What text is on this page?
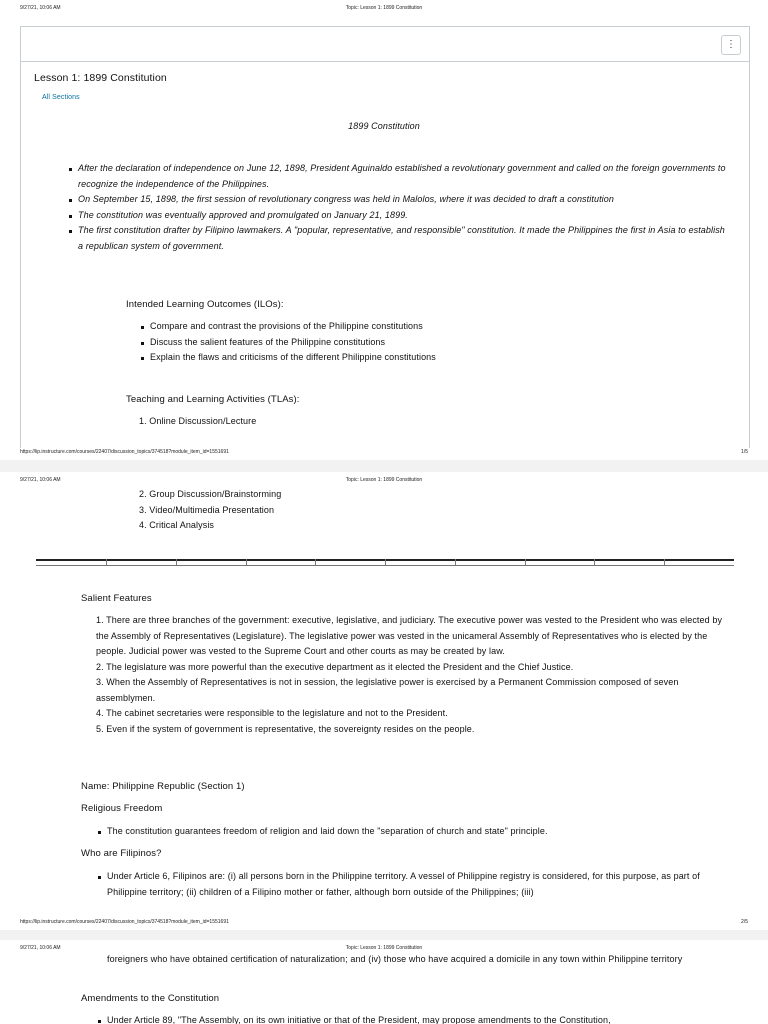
9/27/21, 10:06 AM	Topic: Lesson 1: 1899 Constitution
⋮
Lesson 1: 1899 Constitution
All Sections
1899 Constitution
After the declaration of independence on June 12, 1898, President Aguinaldo established a revolutionary government and called on the foreign governments to recognize the independence of the Philippines.
On September 15, 1898, the first session of revolutionary congress was held in Malolos, where it was decided to draft a constitution
The constitution was eventually approved and promulgated on January 21, 1899.
The first constitution drafter by Filipino lawmakers. A "popular, representative, and responsible" constitution. It made the Philippines the first in Asia to establish a republican system of government.
Intended Learning Outcomes (ILOs):
Compare and contrast the provisions of the Philippine constitutions
Discuss the salient features of the Philippine constitutions
Explain the flaws and criticisms of the different Philippine constitutions
Teaching and Learning Activities (TLAs):
1. Online Discussion/Lecture
https://lip.instructure.com/courses/22407/discussion_topics/374518?module_item_id=1551691	1/5
9/27/21, 10:06 AM	Topic: Lesson 1: 1899 Constitution
2. Group Discussion/Brainstorming
3. Video/Multimedia Presentation
4. Critical Analysis
Salient Features
1. There are three branches of the government: executive, legislative, and judiciary. The executive power was vested to the President who was elected by the Assembly of Representatives (Legislature). The legislative power was vested in the unicameral Assembly of Representatives who is elected by the people. Judicial power was vested to the Supreme Court and other courts as may be created by law.
2. The legislature was more powerful than the executive department as it elected the President and the Chief Justice.
3. When the Assembly of Representatives is not in session, the legislative power is exercised by a Permanent Commission composed of seven assemblymen.
4. The cabinet secretaries were responsible to the legislature and not to the President.
5. Even if the system of government is representative, the sovereignty resides on the people.
Name: Philippine Republic (Section 1)
Religious Freedom
The constitution guarantees freedom of religion and laid down the "separation of church and state" principle.
Who are Filipinos?
Under Article 6, Filipinos are: (i) all persons born in the Philippine territory. A vessel of Philippine registry is considered, for this purpose, as part of Philippine territory; (ii) children of a Filipino mother or father, although born outside of the Philippines; (iii)
https://lip.instructure.com/courses/22407/discussion_topics/374518?module_item_id=1551691	2/5
9/27/21, 10:06 AM	Topic: Lesson 1: 1899 Constitution
foreigners who have obtained certification of naturalization; and (iv) those who have acquired a domicile in any town within Philippine territory
Amendments to the Constitution
Under Article 89, "The Assembly, on its own initiative or that of the President, may propose amendments to the Constitution,
